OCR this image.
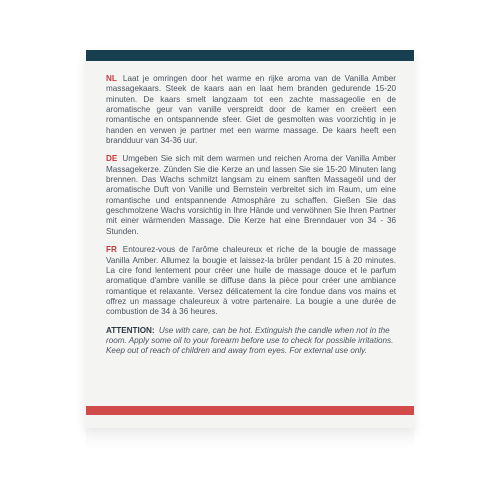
NL Laat je omringen door het warme en rijke aroma van de Vanilla Amber massagekaars. Steek de kaars aan en laat hem branden gedurende 15-20 minuten. De kaars smelt langzaam tot een zachte massageolie en de aromatische geur van vanille verspreidt door de kamer en creëert een romantische en ontspannende sfeer. Giet de gesmolten was voorzichtig in je handen en verwen je partner met een warme massage. De kaars heeft een brandduur van 34-36 uur.

DE Umgeben Sie sich mit dem warmen und reichen Aroma der Vanilla Amber Massagekerze. Zünden Sie die Kerze an und lassen Sie sie 15-20 Minuten lang brennen. Das Wachs schmilzt langsam zu einem sanften Massageöl und der aromatische Duft von Vanille und Bernstein verbreitet sich im Raum, um eine romantische und entspannende Atmosphäre zu schaffen. Gießen Sie das geschmolzene Wachs vorsichtig in Ihre Hände und verwöhnen Sie Ihren Partner mit einer wärmenden Massage. Die Kerze hat eine Brenndauer von 34 - 36 Stunden.

FR Entourez-vous de l'arôme chaleureux et riche de la bougie de massage Vanilla Amber. Allumez la bougie et laissez-la brûler pendant 15 à 20 minutes. La cire fond lentement pour créer une huile de massage douce et le parfum aromatique d'ambre vanille se diffuse dans la pièce pour créer une ambiance romantique et relaxante. Versez délicatement la cire fondue dans vos mains et offrez un massage chaleureux à votre partenaire. La bougie a une durée de combustion de 34 à 36 heures.

ATTENTION: Use with care, can be hot. Extinguish the candle when not in the room. Apply some oil to your forearm before use to check for possible irritations. Keep out of reach of children and away from eyes. For external use only.
